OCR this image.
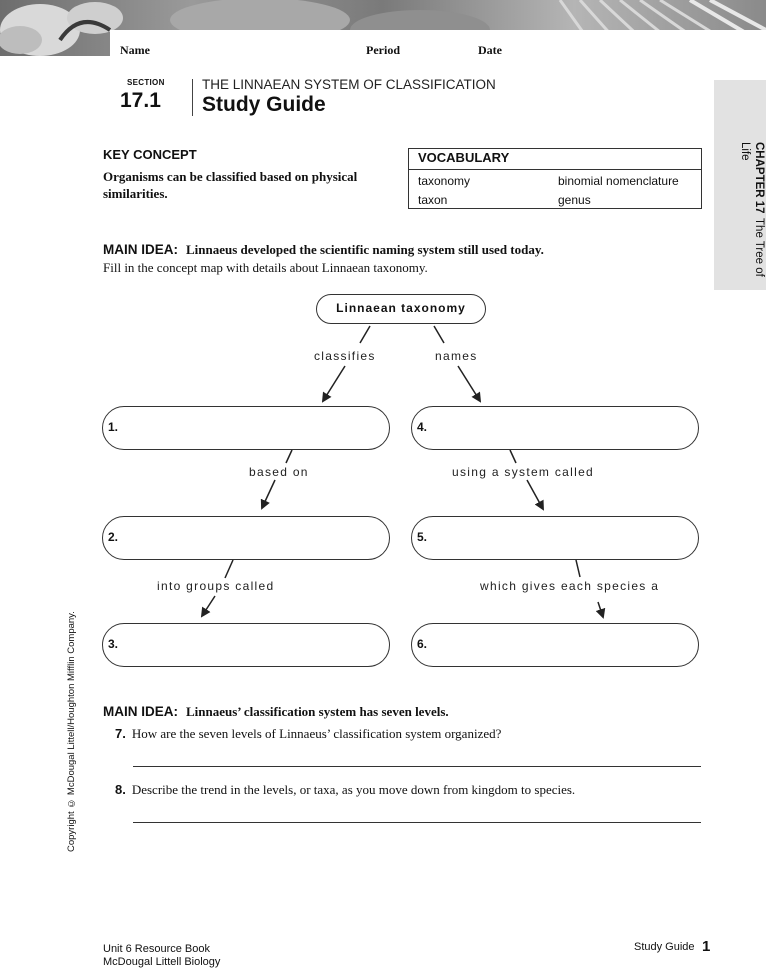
Name	Period	Date
SECTION
17.1
THE LINNAEAN SYSTEM OF CLASSIFICATION
Study Guide
CHAPTER 17 The Tree of Life
KEY CONCEPT
Organisms can be classified based on physical similarities.
VOCABULARY
taxonomy	binomial nomenclature
taxon	genus
MAIN IDEA: Linnaeus developed the scientific naming system still used today.
Fill in the concept map with details about Linnaean taxonomy.
Linnaean taxonomy
classifies	names
based on	using a system called
into groups called	which gives each species a
1.	4.
2.	5.
3.	6.
MAIN IDEA: Linnaeus’ classification system has seven levels.
7. How are the seven levels of Linnaeus’ classification system organized?
8. Describe the trend in the levels, or taxa, as you move down from kingdom to species.
Copyright © McDougal Littell/Houghton Mifflin Company.
Unit 6 Resource Book
McDougal Littell Biology
Study Guide 1
